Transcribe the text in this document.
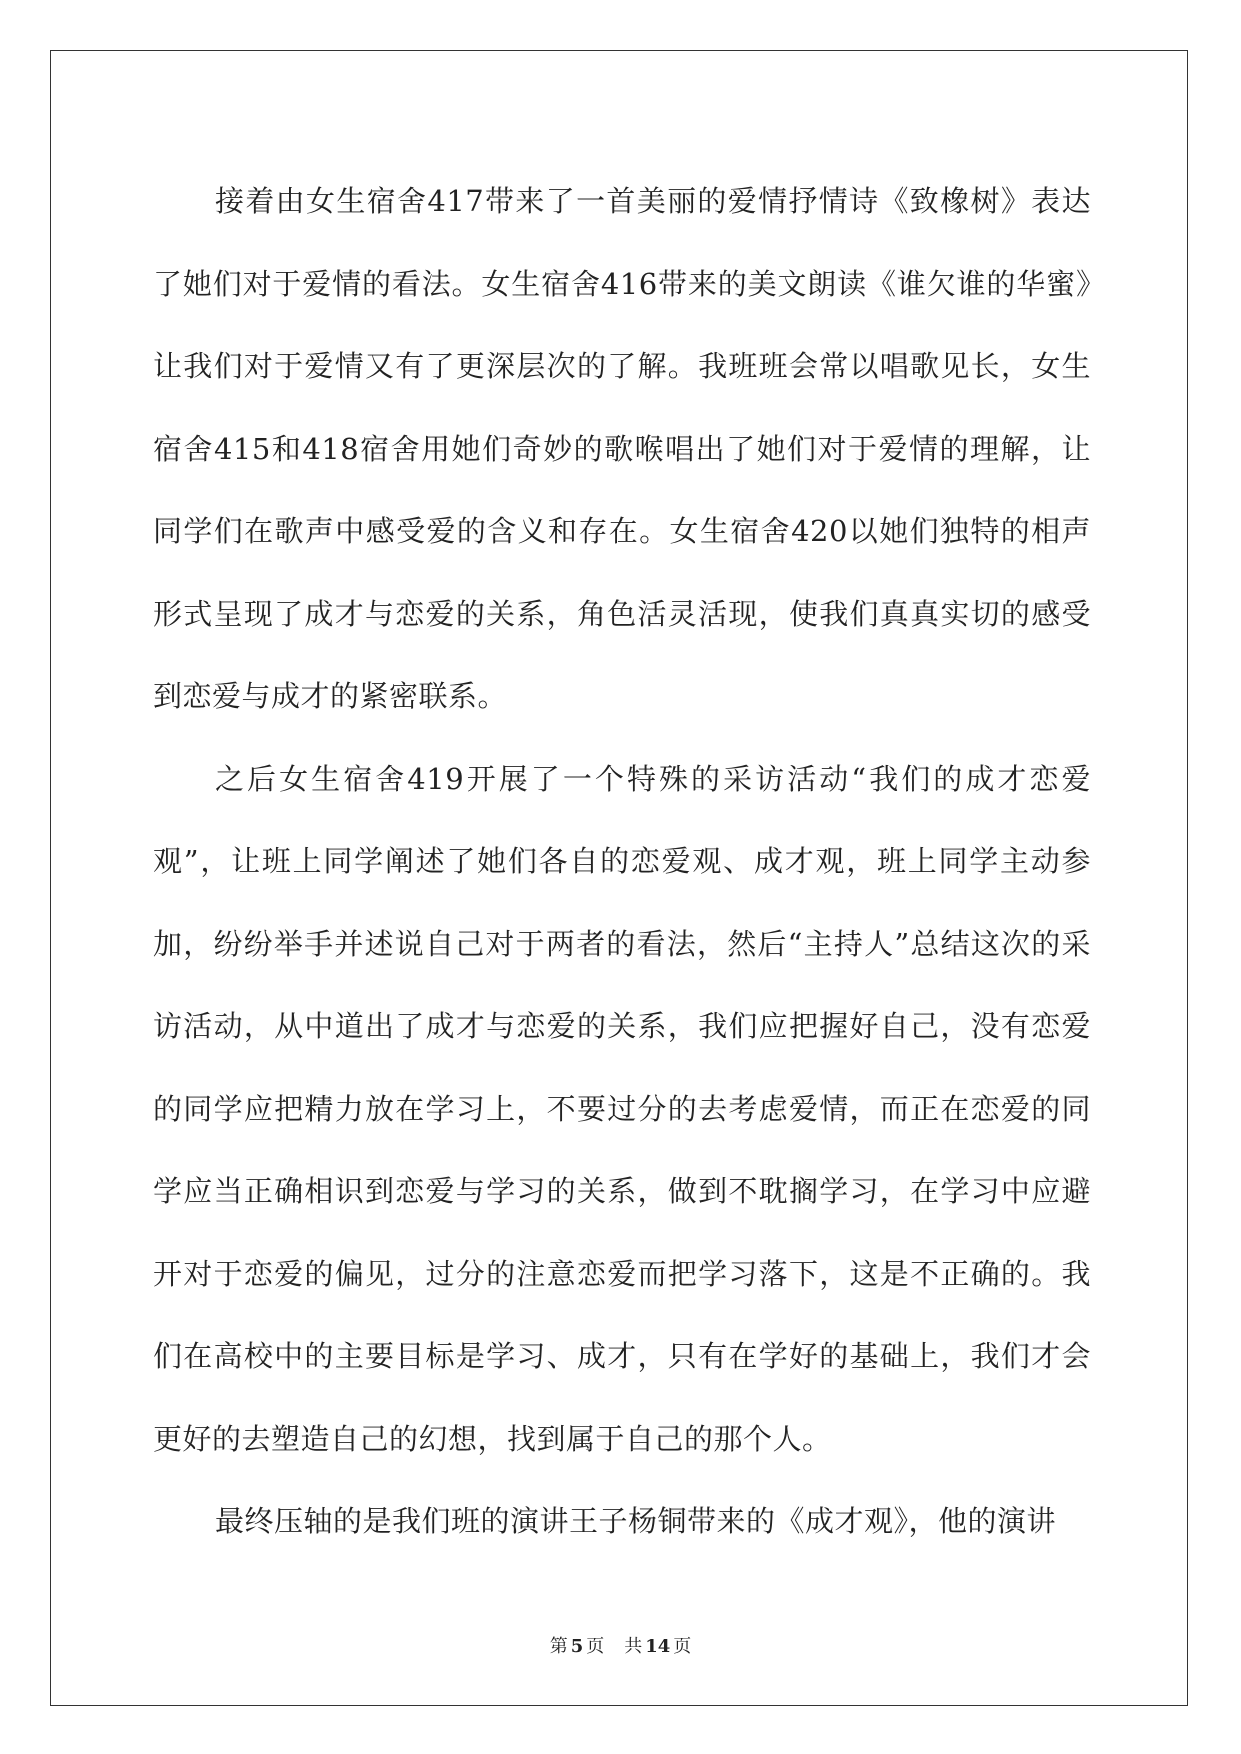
接着由女生宿舍417带来了一首美丽的爱情抒情诗《致橡树》表达了她们对于爱情的看法。女生宿舍416带来的美文朗读《谁欠谁的华蜜》让我们对于爱情又有了更深层次的了解。我班班会常以唱歌见长，女生宿舍415和418宿舍用她们奇妙的歌喉唱出了她们对于爱情的理解，让同学们在歌声中感受爱的含义和存在。女生宿舍420以她们独特的相声形式呈现了成才与恋爱的关系，角色活灵活现，使我们真真实切的感受到恋爱与成才的紧密联系。

之后女生宿舍419开展了一个特殊的采访活动“我们的成才恋爱观”，让班上同学阐述了她们各自的恋爱观、成才观，班上同学主动参加，纷纷举手并述说自己对于两者的看法，然后“主持人”总结这次的采访活动，从中道出了成才与恋爱的关系，我们应把握好自己，没有恋爱的同学应把精力放在学习上，不要过分的去考虑爱情，而正在恋爱的同学应当正确相识到恋爱与学习的关系，做到不耽搁学习，在学习中应避开对于恋爱的偏见，过分的注意恋爱而把学习落下，这是不正确的。我们在高校中的主要目标是学习、成才，只有在学好的基础上，我们才会更好的去塑造自己的幻想，找到属于自己的那个人。

最终压轴的是我们班的演讲王子杨铜带来的《成才观》，他的演讲

第 5 页 共 14 页
